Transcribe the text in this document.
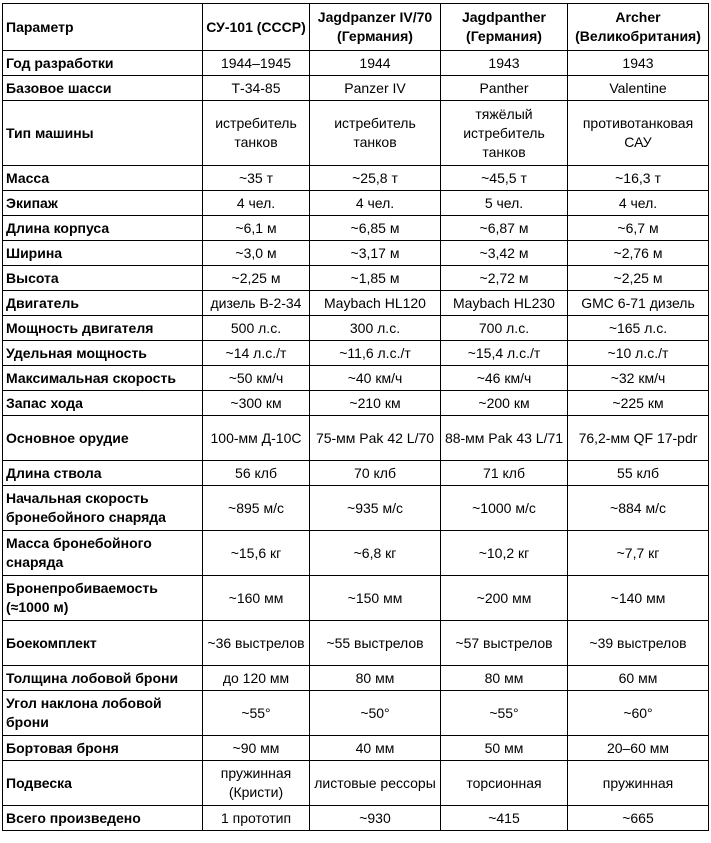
Параметр	СУ-101 (СССР)	Jagdpanzer IV/70 (Германия)	Jagdpanther (Германия)	Archer (Великобритания)
Год разработки	1944–1945	1944	1943	1943
Базовое шасси	Т-34-85	Panzer IV	Panther	Valentine
Тип машины	истребитель танков	истребитель танков	тяжёлый истребитель танков	противотанковая САУ
Масса	~35 т	~25,8 т	~45,5 т	~16,3 т
Экипаж	4 чел.	4 чел.	5 чел.	4 чел.
Длина корпуса	~6,1 м	~6,85 м	~6,87 м	~6,7 м
Ширина	~3,0 м	~3,17 м	~3,42 м	~2,76 м
Высота	~2,25 м	~1,85 м	~2,72 м	~2,25 м
Двигатель	дизель В-2-34	Maybach HL120	Maybach HL230	GMC 6-71 дизель
Мощность двигателя	500 л.с.	300 л.с.	700 л.с.	~165 л.с.
Удельная мощность	~14 л.с./т	~11,6 л.с./т	~15,4 л.с./т	~10 л.с./т
Максимальная скорость	~50 км/ч	~40 км/ч	~46 км/ч	~32 км/ч
Запас хода	~300 км	~210 км	~200 км	~225 км
Основное орудие	100-мм Д-10С	75-мм Pak 42 L/70	88-мм Pak 43 L/71	76,2-мм QF 17-pdr
Длина ствола	56 клб	70 клб	71 клб	55 клб
Начальная скорость бронебойного снаряда	~895 м/с	~935 м/с	~1000 м/с	~884 м/с
Масса бронебойного снаряда	~15,6 кг	~6,8 кг	~10,2 кг	~7,7 кг
Бронепробиваемость (≈1000 м)	~160 мм	~150 мм	~200 мм	~140 мм
Боекомплект	~36 выстрелов	~55 выстрелов	~57 выстрелов	~39 выстрелов
Толщина лобовой брони	до 120 мм	80 мм	80 мм	60 мм
Угол наклона лобовой брони	~55°	~50°	~55°	~60°
Бортовая броня	~90 мм	40 мм	50 мм	20–60 мм
Подвеска	пружинная (Кристи)	листовые рессоры	торсионная	пружинная
Всего произведено	1 прототип	~930	~415	~665
